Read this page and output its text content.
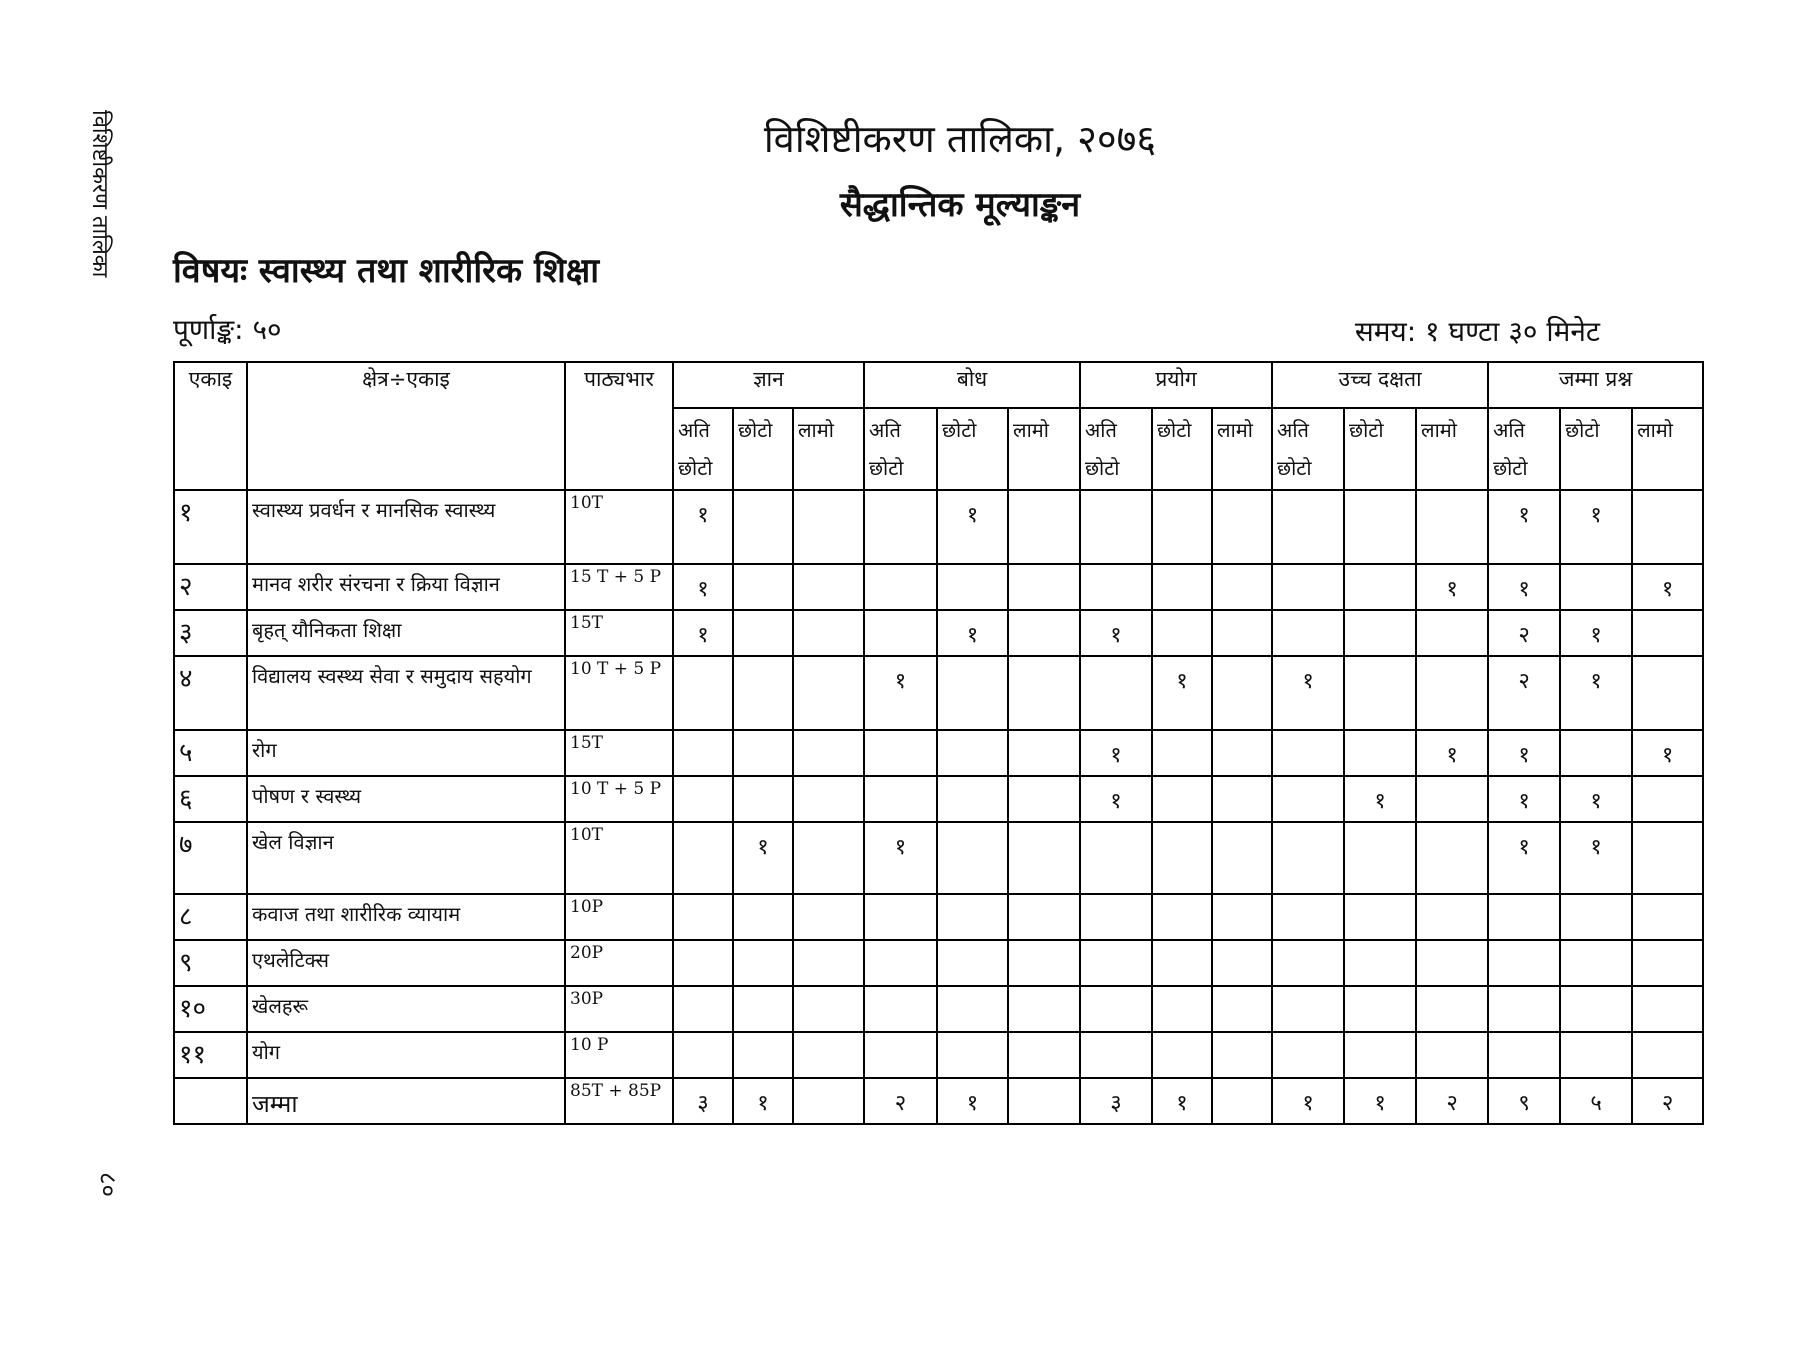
विशिष्टीकरण तालिका
८०
विशिष्टीकरण तालिका, २०७६
सैद्धान्तिक मूल्याङ्कन
विषयः स्वास्थ्य तथा शारीरिक शिक्षा
पूर्णाङ्क: ५०	समय: १ घण्टा ३० मिनेट
एकाइ	क्षेत्र÷एकाइ	पाठ्यभार	ज्ञान			बोध			प्रयोग			उच्च दक्षता			जम्मा प्रश्न		
			अति छोटो	छोटो	लामो	अति छोटो	छोटो	लामो	अति छोटो	छोटो	लामो	अति छोटो	छोटो	लामो	अति छोटो	छोटो	लामो
१	स्वास्थ्य प्रवर्धन र मानसिक स्वास्थ्य	10T	१				१								१	१	
२	मानव शरीर संरचना र क्रिया विज्ञान	15 T + 5 P	१											१	१		१
३	बृहत् यौनिकता शिक्षा	15T	१				१		१						२	१	
४	विद्यालय स्वस्थ्य सेवा र समुदाय सहयोग	10 T + 5 P				१				१		१			२	१	
५	रोग	15T							१					१	१		१
६	पोषण र स्वस्थ्य	10 T + 5 P							१				१		१	१	
७	खेल विज्ञान	10T		१		१									१	१	
८	कवाज तथा शारीरिक व्यायाम	10P															
९	एथलेटिक्स	20P															
१०	खेलहरू	30P															
११	योग	10 P															
	जम्मा	85T + 85P	३	१		२	१		३	१		१	१	२	९	५	२
